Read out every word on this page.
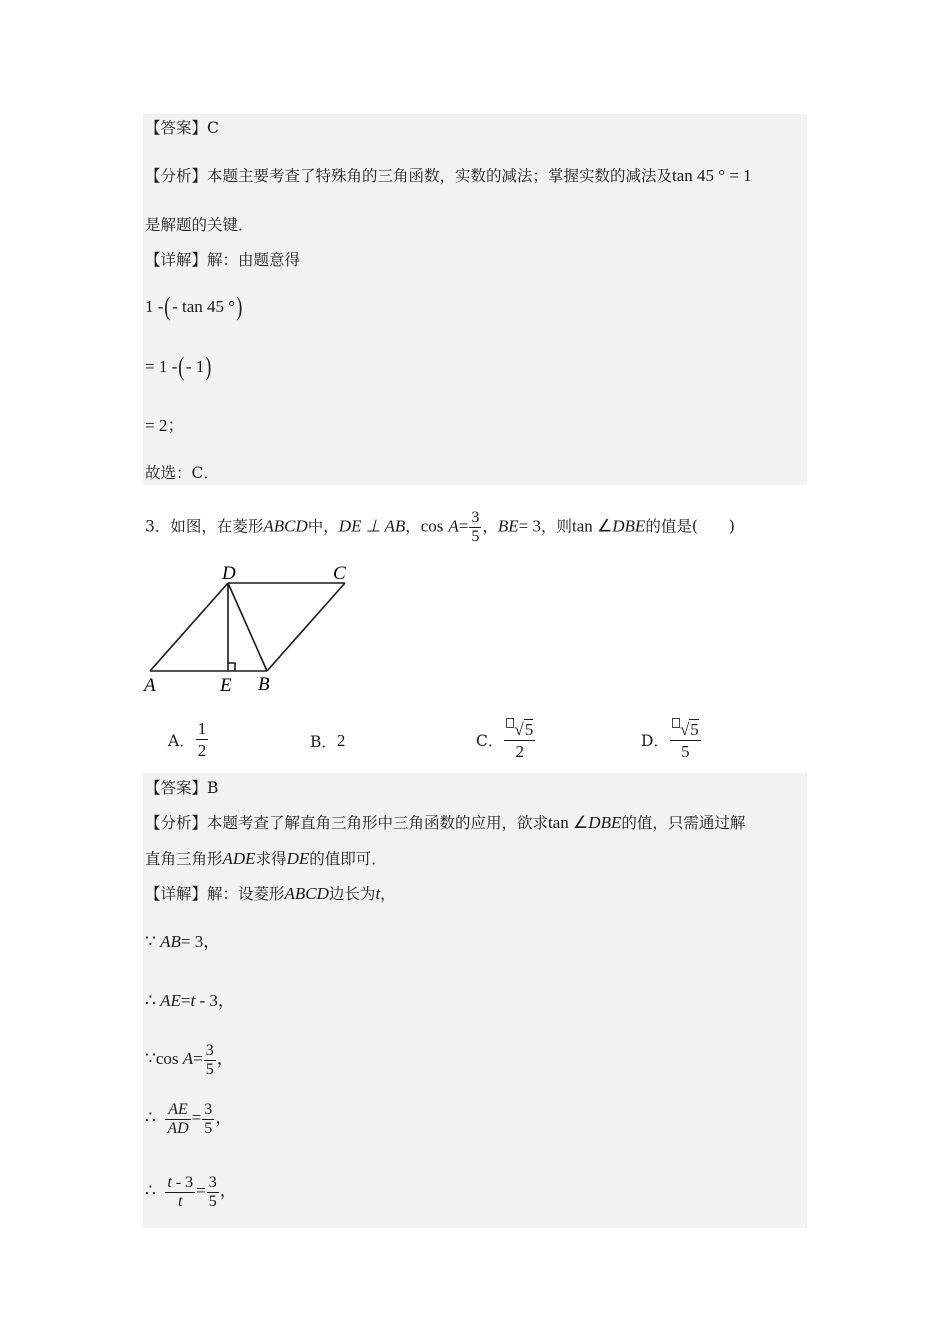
【答案】C
【分析】本题主要考查了特殊角的三角函数，实数的减法；掌握实数的减法及tan 45 ° = 1
是解题的关键．
【详解】解：由题意得
1 -(- tan 45 °)
= 1 -(- 1)
= 2；
故选：C．
3．如图，在菱形ABCD中，DE ⊥ AB，$\cos A= \frac{3}{5}$ ，BE= 3，则tan ∠DBE的值是(　　)
A	E B
D	C
A． $\frac{1}{2}$	B． 2	C． $\frac{√5}{2}$	D． $\frac{√5}{5}$
【答案】B
【分析】本题考查了解直角三角形中三角函数的应用，欲求tan ∠DBE的值，只需通过解
直角三角形ADE求得DE的值即可．
【详解】解：设菱形ABCD边长为t，
∵ AB= 3，
∴ AE=t - 3，
∵cos $A= \frac{3}{5}$ ，
∴ $\frac{AE}{AD} = \frac{3}{5}$ ，
∴ $\frac{t - 3}{t} = \frac{3}{5}$ ，
